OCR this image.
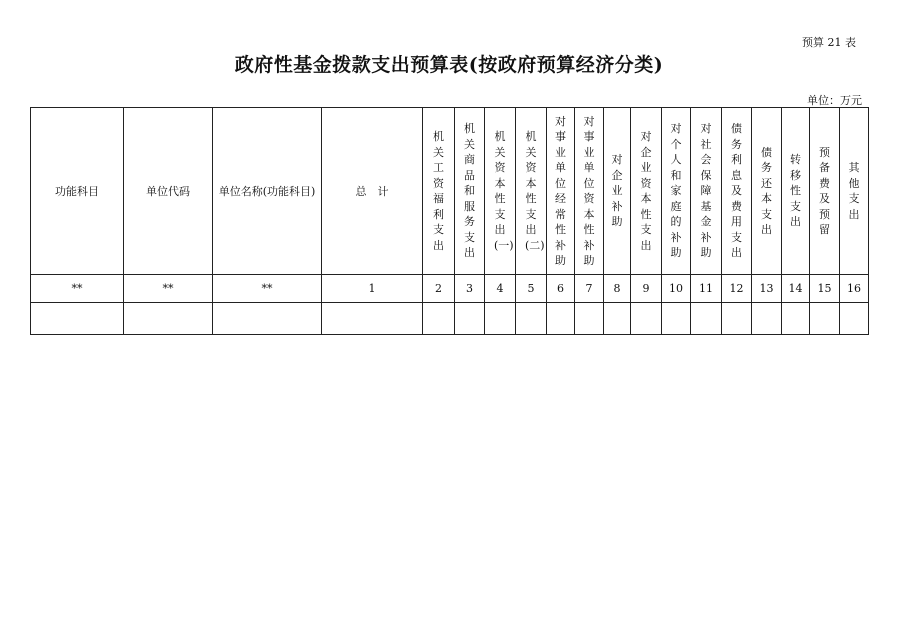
预算 21 表
政府性基金拨款支出预算表(按政府预算经济分类)
单位：万元
功能科目	单位代码	单位名称(功能科目)	总　计	机关工资福利支出	机关商品和服务支出	机关资本性支出(一)	机关资本性支出(二)	对事业单位经常性补助	对事业单位资本性补助	对企业补助	对企业资本性支出	对个人和家庭的补助	对社会保障基金补助	债务利息及费用支出	债务还本支出	转移性支出	预备费及预留	其他支出
**	**	**	1	2	3	4	5	6	7	8	9	10	11	12	13	14	15	16
